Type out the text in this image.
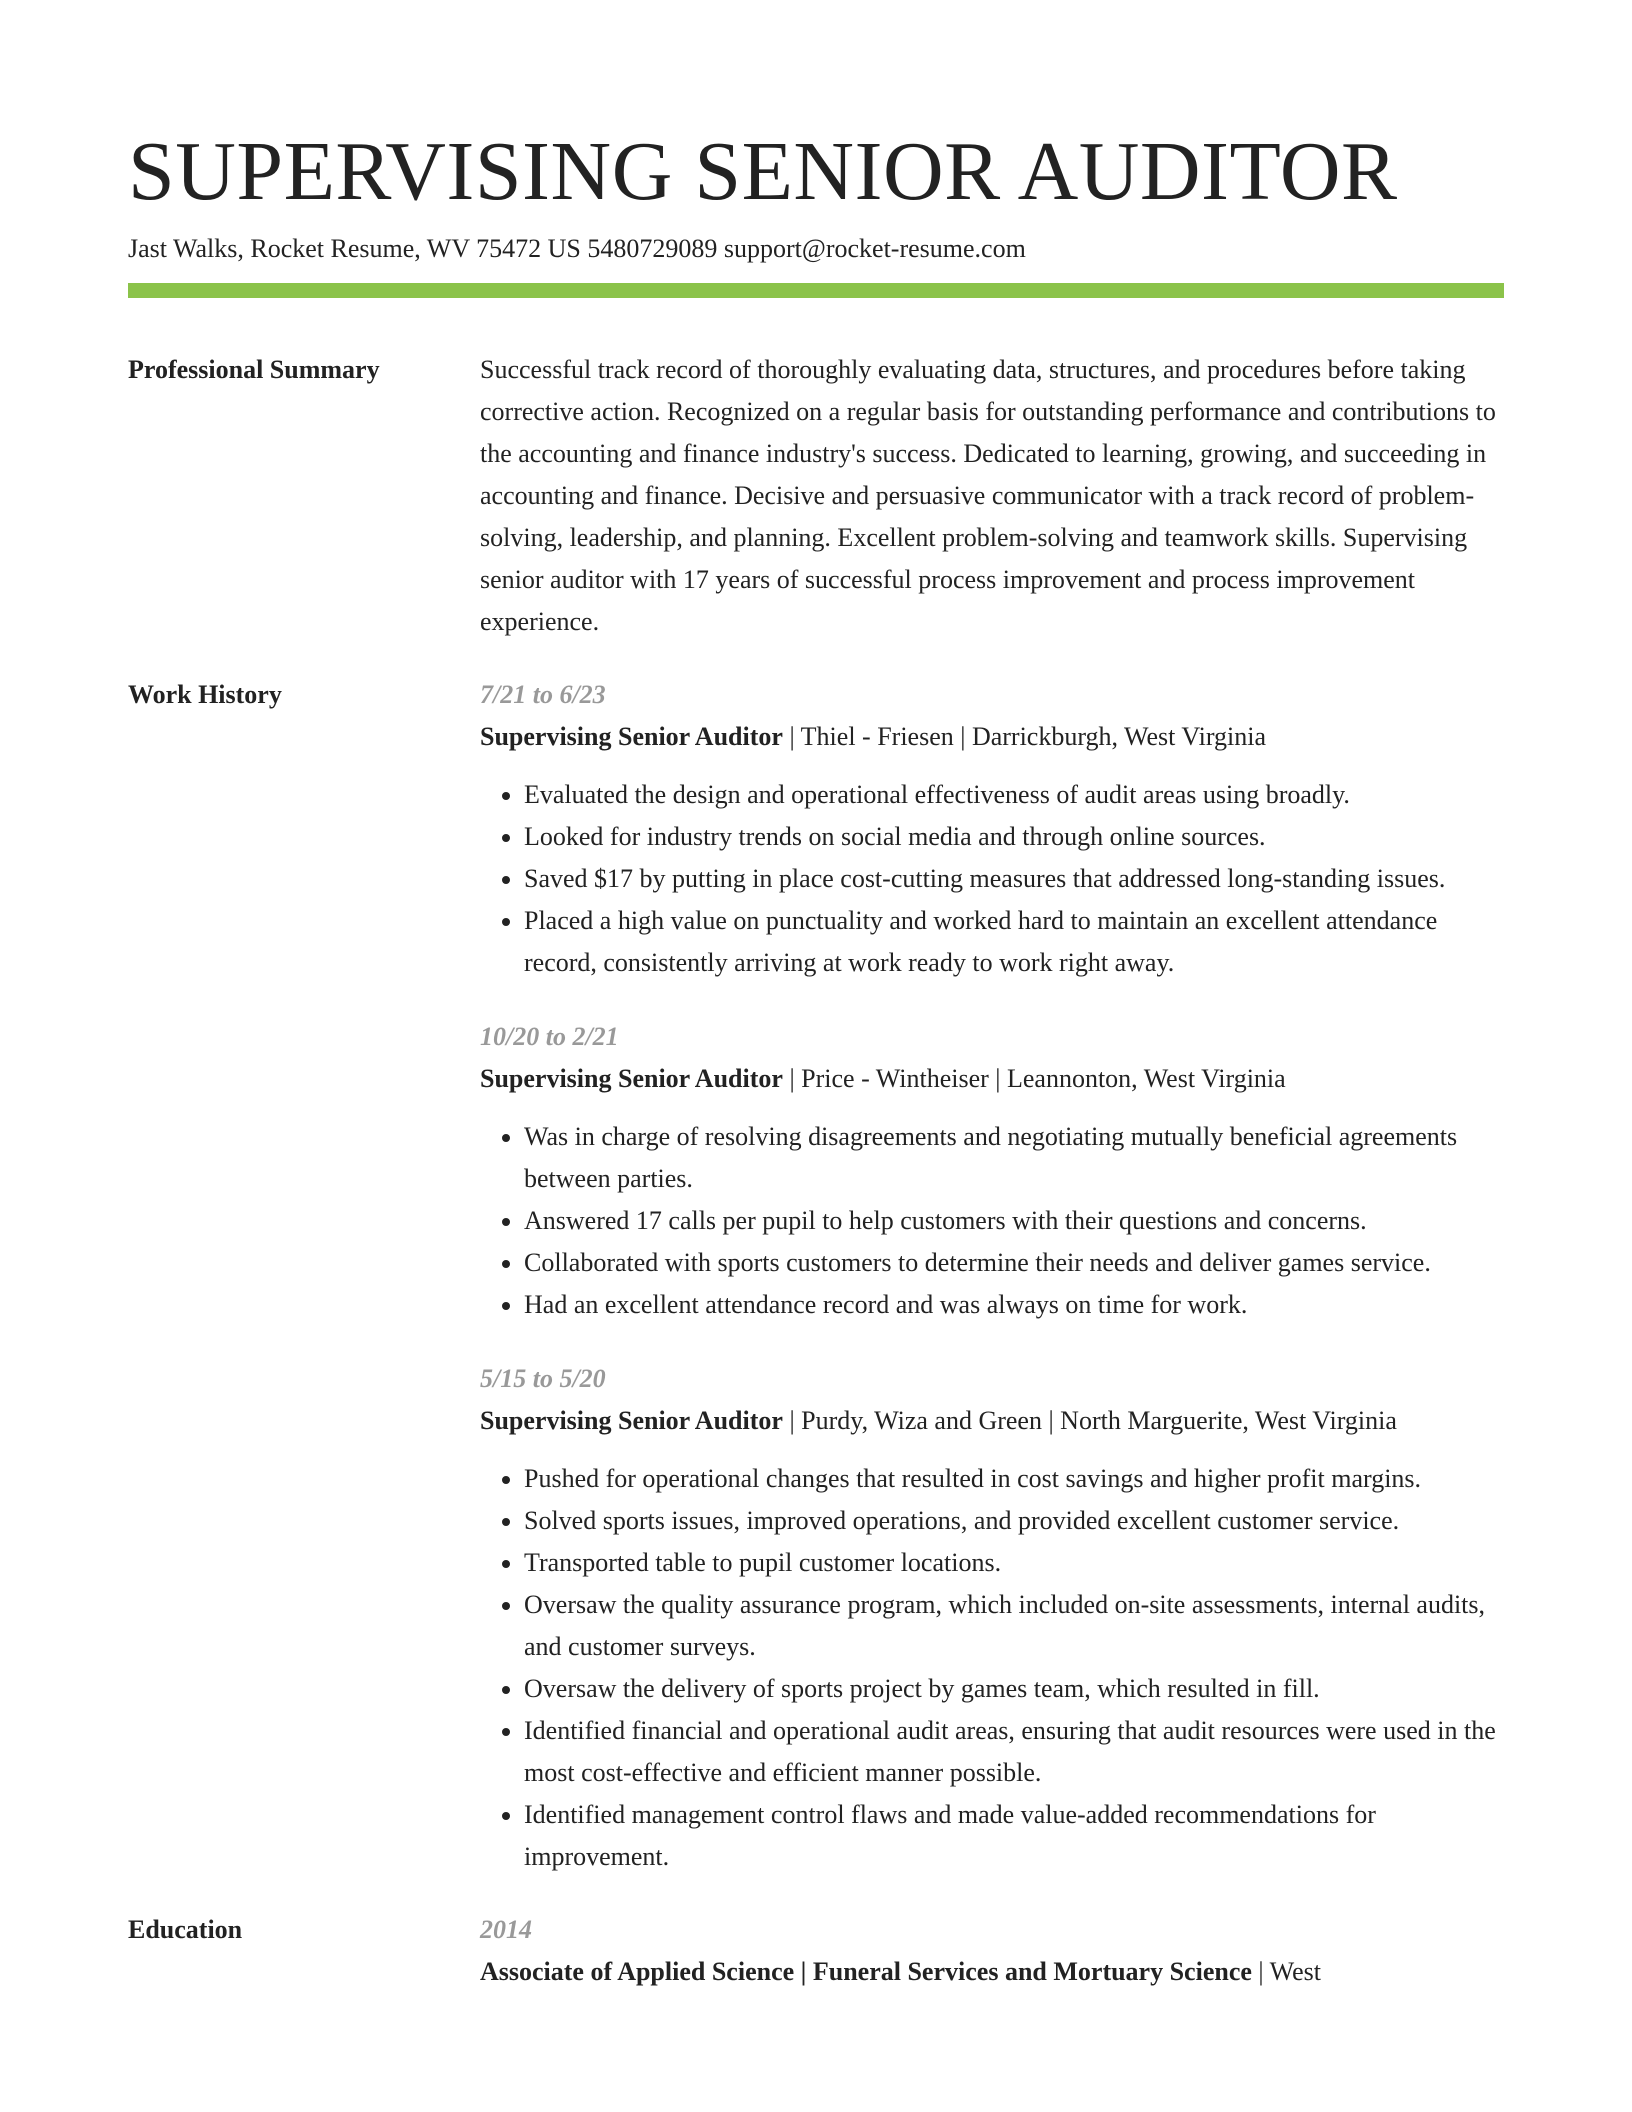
SUPERVISING SENIOR AUDITOR
Jast Walks, Rocket Resume, WV 75472 US 5480729089 support@rocket-resume.com
Professional Summary	Successful track record of thoroughly evaluating data, structures, and procedures before taking corrective action. Recognized on a regular basis for outstanding performance and contributions to the accounting and finance industry's success. Dedicated to learning, growing, and succeeding in accounting and finance. Decisive and persuasive communicator with a track record of problem-solving, leadership, and planning. Excellent problem-solving and teamwork skills. Supervising senior auditor with 17 years of successful process improvement and process improvement experience.

Work History	7/21 to 6/23
Supervising Senior Auditor | Thiel - Friesen | Darrickburgh, West Virginia
• Evaluated the design and operational effectiveness of audit areas using broadly.
• Looked for industry trends on social media and through online sources.
• Saved $17 by putting in place cost-cutting measures that addressed long-standing issues.
• Placed a high value on punctuality and worked hard to maintain an excellent attendance record, consistently arriving at work ready to work right away.
10/20 to 2/21
Supervising Senior Auditor | Price - Wintheiser | Leannonton, West Virginia
• Was in charge of resolving disagreements and negotiating mutually beneficial agreements between parties.
• Answered 17 calls per pupil to help customers with their questions and concerns.
• Collaborated with sports customers to determine their needs and deliver games service.
• Had an excellent attendance record and was always on time for work.
5/15 to 5/20
Supervising Senior Auditor | Purdy, Wiza and Green | North Marguerite, West Virginia
• Pushed for operational changes that resulted in cost savings and higher profit margins.
• Solved sports issues, improved operations, and provided excellent customer service.
• Transported table to pupil customer locations.
• Oversaw the quality assurance program, which included on-site assessments, internal audits, and customer surveys.
• Oversaw the delivery of sports project by games team, which resulted in fill.
• Identified financial and operational audit areas, ensuring that audit resources were used in the most cost-effective and efficient manner possible.
• Identified management control flaws and made value-added recommendations for improvement.
Education	2014
Associate of Applied Science | Funeral Services and Mortuary Science | West
